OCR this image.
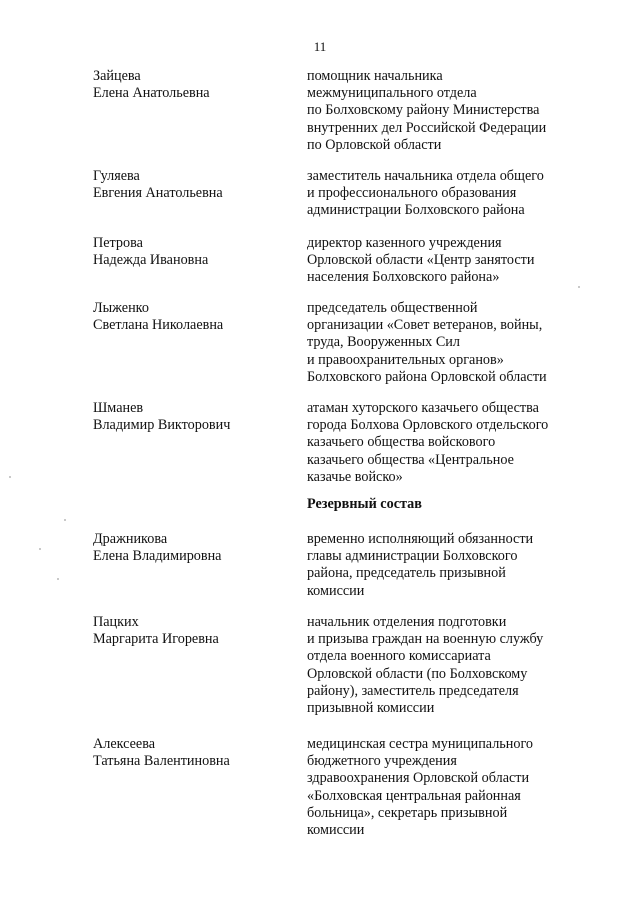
11
Зайцева
Елена Анатольевна
помощник начальника
межмуниципального отдела
по Болховскому району Министерства
внутренних дел Российской Федерации
по Орловской области
Гуляева
Евгения Анатольевна
заместитель начальника отдела общего
и профессионального образования
администрации Болховского района
Петрова
Надежда Ивановна
директор казенного учреждения
Орловской области «Центр занятости
населения Болховского района»
Лыженко
Светлана Николаевна
председатель общественной
организации «Совет ветеранов, войны,
труда, Вооруженных Сил
и правоохранительных органов»
Болховского района Орловской области
Шманев
Владимир Викторович
атаман хуторского казачьего общества
города Болхова Орловского отдельского
казачьего общества войскового
казачьего общества «Центральное
казачье войско»
Резервный состав
Дражникова
Елена Владимировна
временно исполняющий обязанности
главы администрации Болховского
района, председатель призывной
комиссии
Пацких
Маргарита Игоревна
начальник отделения подготовки
и призыва граждан на военную службу
отдела военного комиссариата
Орловской области (по Болховскому
району), заместитель председателя
призывной комиссии
Алексеева
Татьяна Валентиновна
медицинская сестра муниципального
бюджетного учреждения
здравоохранения Орловской области
«Болховская центральная районная
больница», секретарь призывной
комиссии
